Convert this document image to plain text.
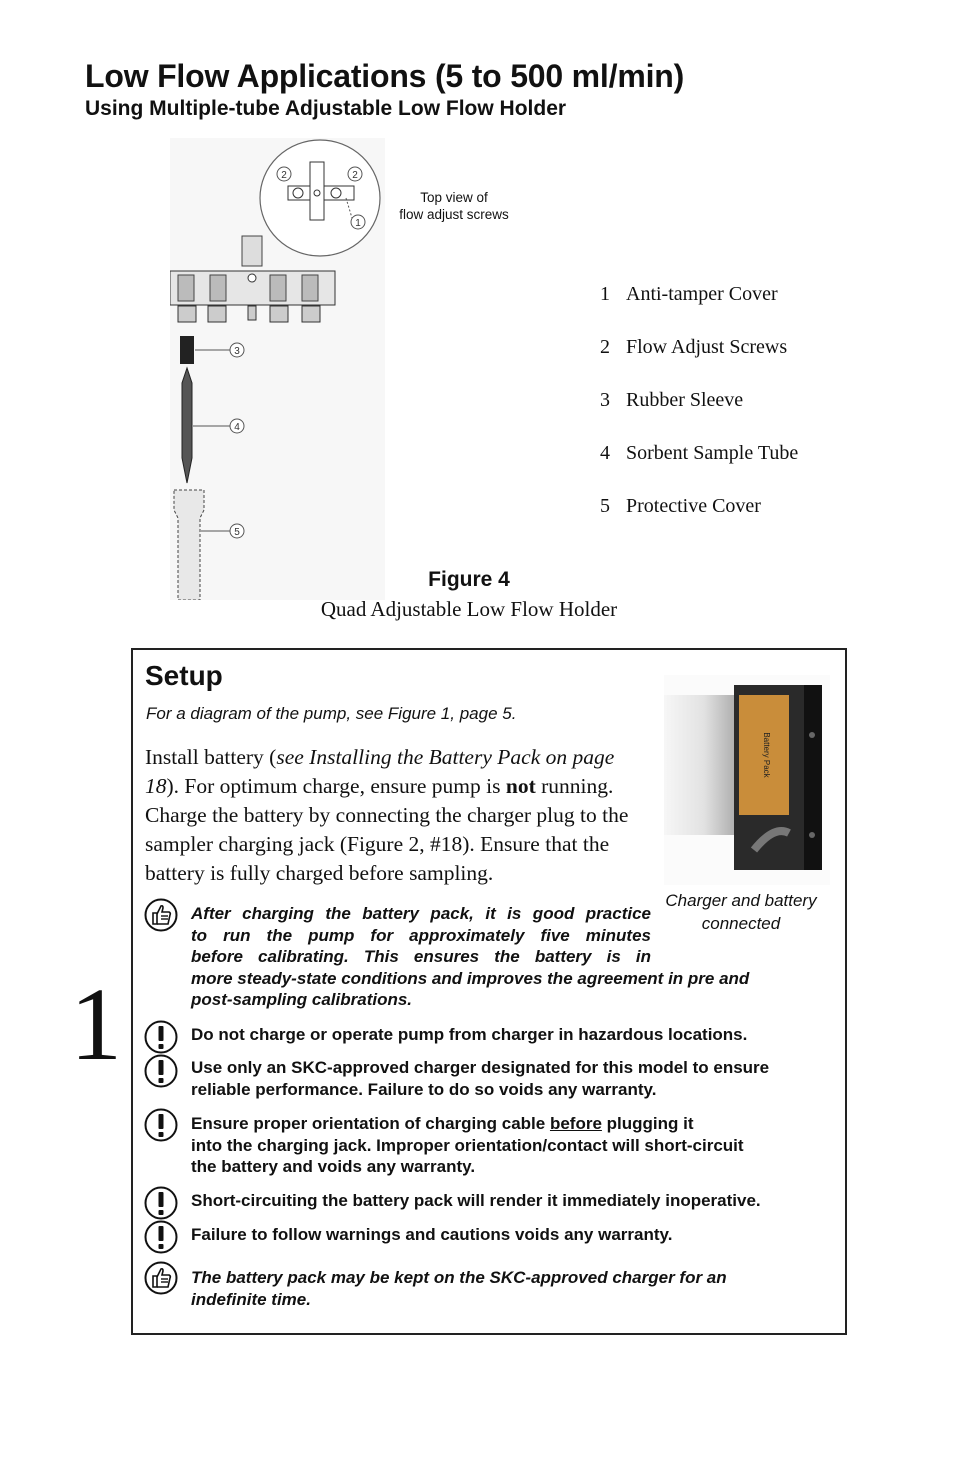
Low Flow Applications (5 to 500 ml/min)
Using Multiple-tube Adjustable Low Flow Holder
2	2
1
3
4
5
Top view of
flow adjust screws
1 Anti-tamper Cover
2 Flow Adjust Screws
3 Rubber Sleeve
4 Sorbent Sample Tube
5 Protective Cover
Figure 4
Quad Adjustable Low Flow Holder
Setup
For a diagram of the pump, see Figure 1, page 5.
Install battery (see Installing the Battery Pack on page 18). For optimum charge, ensure pump is not running. Charge the battery by connecting the charger plug to the sampler charging jack (Figure 2, #18). Ensure that the battery is fully charged before sampling.
Battery Pack
Charger and battery
connected
After charging the battery pack, it is good practice
to run the pump for approximately five minutes
before calibrating. This ensures the battery is in
more steady-state conditions and improves the agreement in pre and
post-sampling calibrations.
Do not charge or operate pump from charger in hazardous locations.
Use only an SKC-approved charger designated for this model to ensure
reliable performance. Failure to do so voids any warranty.
Ensure proper orientation of charging cable before plugging it
into the charging jack. Improper orientation/contact will short-circuit
the battery and voids any warranty.
Short-circuiting the battery pack will render it immediately inoperative.
Failure to follow warnings and cautions voids any warranty.
The battery pack may be kept on the SKC-approved charger for an
indefinite time.
1
